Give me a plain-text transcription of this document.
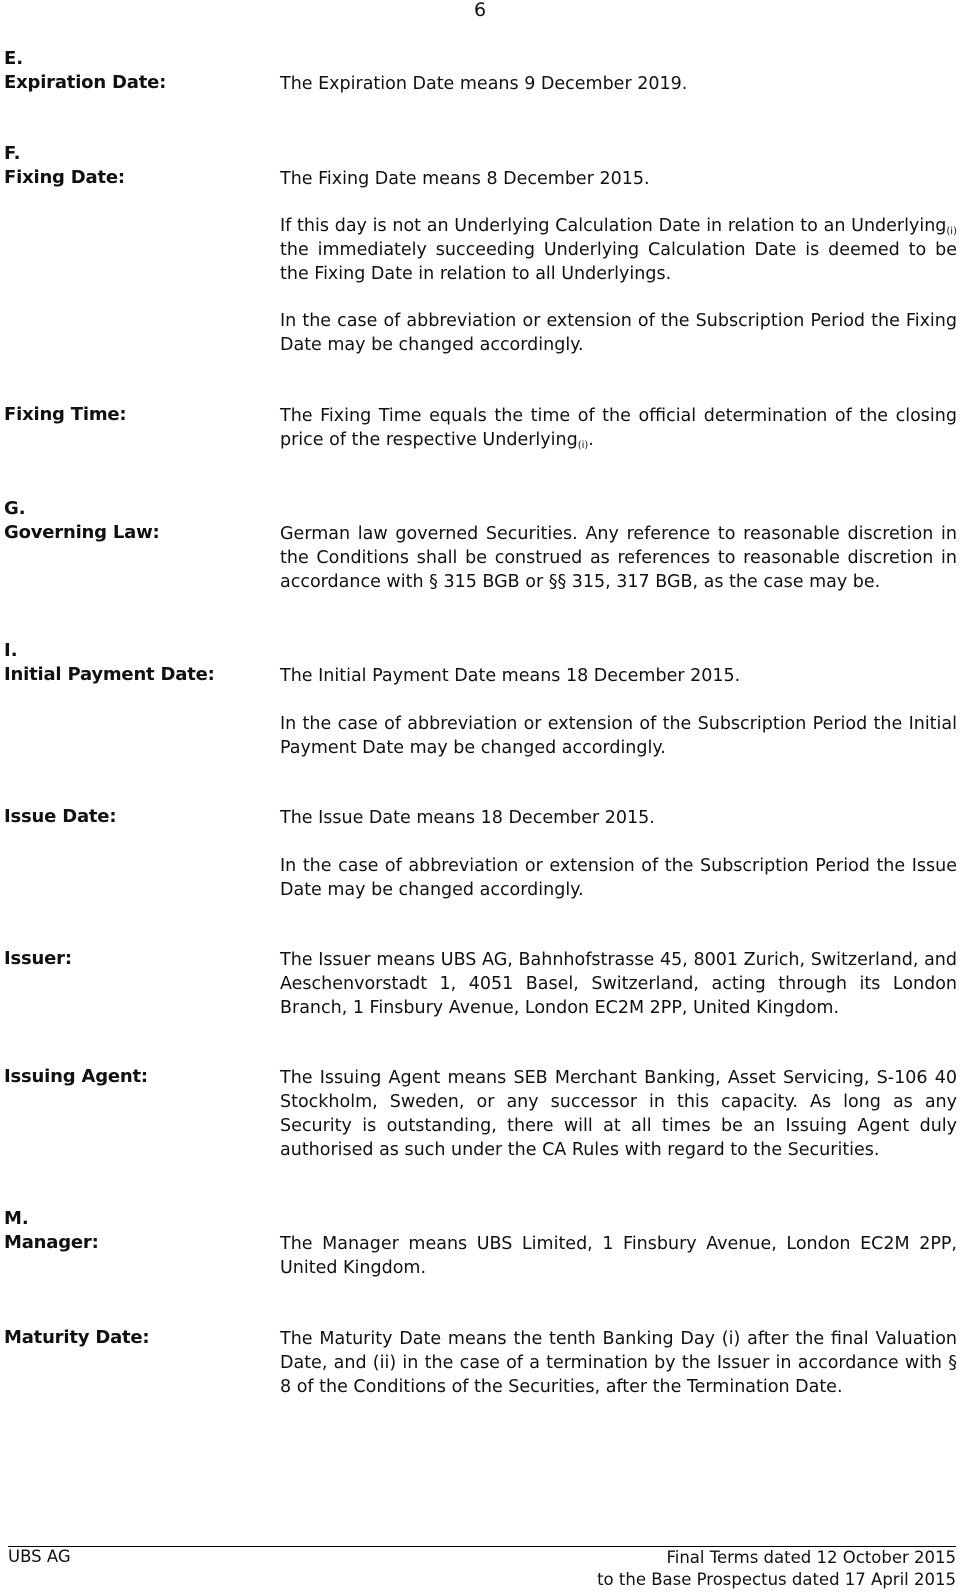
6
E.
Expiration Date:	The Expiration Date means 9 December 2019.
F.
Fixing Date:	The Fixing Date means 8 December 2015.
If this day is not an Underlying Calculation Date in relation to an Underlying$_{(i)}$ the immediately succeeding Underlying Calculation Date is deemed to be the Fixing Date in relation to all Underlyings.
In the case of abbreviation or extension of the Subscription Period the Fixing Date may be changed accordingly.
Fixing Time:	The Fixing Time equals the time of the official determination of the closing price of the respective Underlying$_{(i)}$.
G.
Governing Law:	German law governed Securities. Any reference to reasonable discretion in the Conditions shall be construed as references to reasonable discretion in accordance with § 315 BGB or §§ 315, 317 BGB, as the case may be.
I.
Initial Payment Date:	The Initial Payment Date means 18 December 2015.
In the case of abbreviation or extension of the Subscription Period the Initial Payment Date may be changed accordingly.
Issue Date:	The Issue Date means 18 December 2015.
In the case of abbreviation or extension of the Subscription Period the Issue Date may be changed accordingly.
Issuer:	The Issuer means UBS AG, Bahnhofstrasse 45, 8001 Zurich, Switzerland, and Aeschenvorstadt 1, 4051 Basel, Switzerland, acting through its London Branch, 1 Finsbury Avenue, London EC2M 2PP, United Kingdom.
Issuing Agent:	The Issuing Agent means SEB Merchant Banking, Asset Servicing, S-106 40 Stockholm, Sweden, or any successor in this capacity. As long as any Security is outstanding, there will at all times be an Issuing Agent duly authorised as such under the CA Rules with regard to the Securities.
M.
Manager:	The Manager means UBS Limited, 1 Finsbury Avenue, London EC2M 2PP, United Kingdom.
Maturity Date:	The Maturity Date means the tenth Banking Day (i) after the final Valuation Date, and (ii) in the case of a termination by the Issuer in accordance with § 8 of the Conditions of the Securities, after the Termination Date.
UBS AG	Final Terms dated 12 October 2015
to the Base Prospectus dated 17 April 2015
